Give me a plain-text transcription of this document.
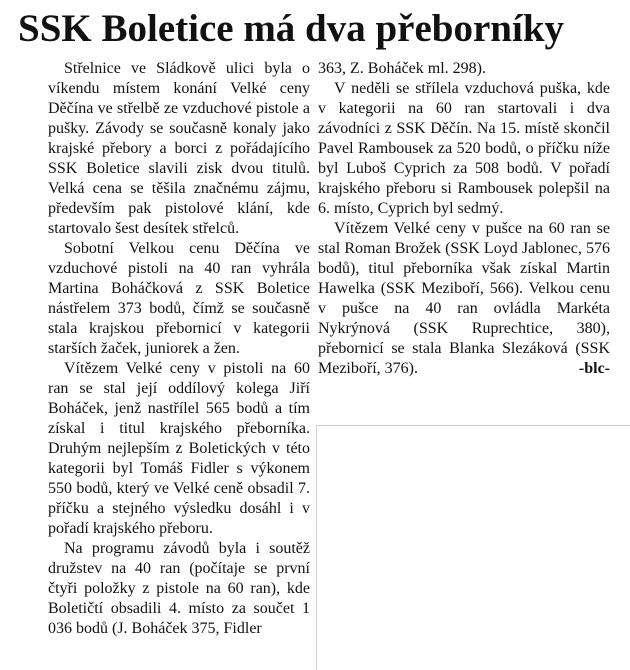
SSK Boletice má dva přeborníky

Střelnice ve Sládkově ulici byla o víkendu místem konání Velké ceny Děčína ve střelbě ze vzduchové pistole a pušky. Závody se současně konaly jako krajské přebory a borci z pořádajícího SSK Boletice slavili zisk dvou titulů. Velká cena se těšila značnému zájmu, především pak pistolové klání, kde startovalo šest desítek střelců.

Sobotní Velkou cenu Děčína ve vzduchové pistoli na 40 ran vyhrála Martina Boháčková z SSK Boletice nástřelem 373 bodů, čímž se současně stala krajskou přebornicí v kategorii starších žaček, juniorek a žen.

Vítězem Velké ceny v pistoli na 60 ran se stal její oddílový kolega Jiří Boháček, jenž nastřílel 565 bodů a tím získal i titul krajského přeborníka. Druhým nejlepším z Boletických v této kategorii byl Tomáš Fidler s výkonem 550 bodů, který ve Velké ceně obsadil 7. příčku a stejného výsledku dosáhl i v pořadí krajského přeboru.

Na programu závodů byla i soutěž družstev na 40 ran (počítaje se první čtyři položky z pistole na 60 ran), kde Boletičtí obsadili 4. místo za součet 1 036 bodů (J. Boháček 375, Fidler

363, Z. Boháček ml. 298).

V neděli se střílela vzduchová puška, kde v kategorii na 60 ran startovali i dva závodníci z SSK Děčín. Na 15. místě skončil Pavel Rambousek za 520 bodů, o příčku níže byl Luboš Cyprich za 508 bodů. V pořadí krajského přeboru si Rambousek polepšil na 6. místo, Cyprich byl sedmý.

Vítězem Velké ceny v pušce na 60 ran se stal Roman Brožek (SSK Loyd Jablonec, 576 bodů), titul přeborníka však získal Martin Hawelka (SSK Meziboří, 566). Velkou cenu v pušce na 40 ran ovládla Markéta Nykrýnová (SSK Ruprechtice, 380), přebornicí se stala Blanka Slezáková (SSK Meziboří, 376).	-blc-
